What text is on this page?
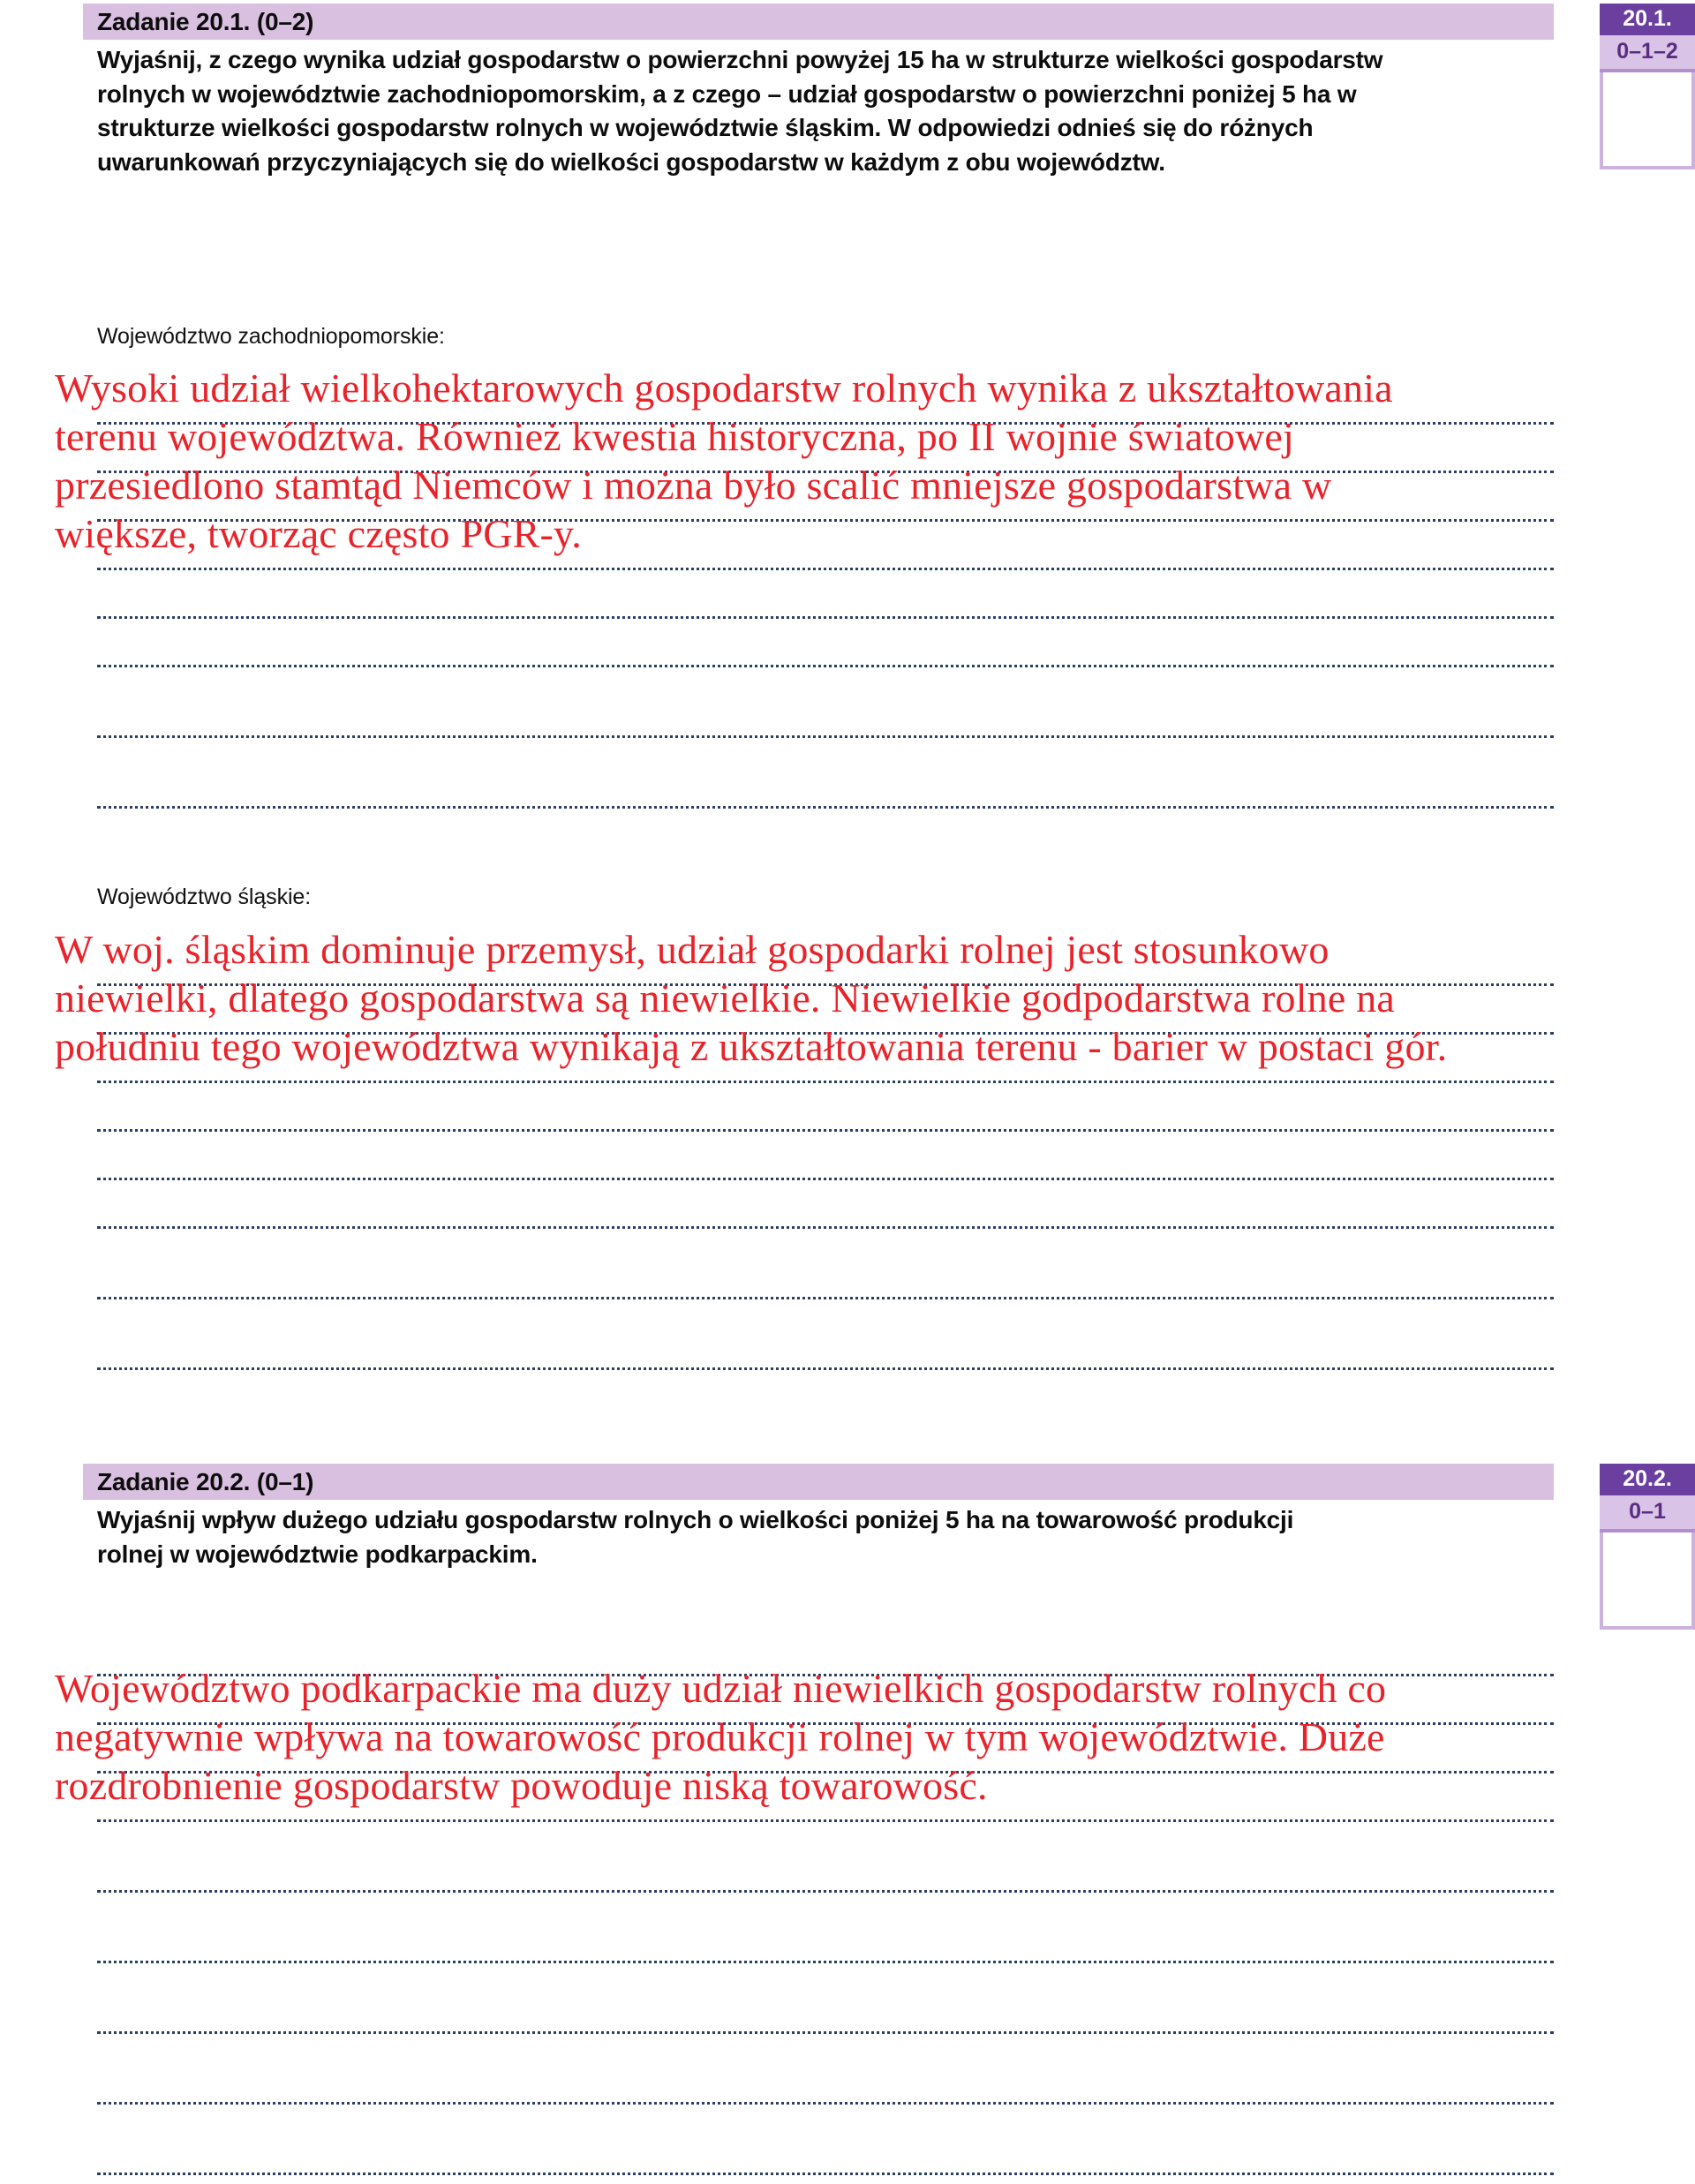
Zadanie 20.1. (0–2)
Wyjaśnij, z czego wynika udział gospodarstw o powierzchni powyżej 15 ha w strukturze wielkości gospodarstw rolnych w województwie zachodniopomorskim, a z czego – udział gospodarstw o powierzchni poniżej 5 ha w strukturze wielkości gospodarstw rolnych w województwie śląskim. W odpowiedzi odnieś się do różnych uwarunkowań przyczyniających się do wielkości gospodarstw w każdym z obu województw.
20.1.
0–1–2
Województwo zachodniopomorskie:
Wysoki udział wielkohektarowych gospodarstw rolnych wynika z ukształtowania terenu województwa. Również kwestia historyczna, po II wojnie światowej przesiedlono stamtąd Niemców i można było scalić mniejsze gospodarstwa w większe, tworząc często PGR-y.
Województwo śląskie:
W woj. śląskim dominuje przemysł, udział gospodarki rolnej jest stosunkowo niewielki, dlatego gospodarstwa są niewielkie. Niewielkie godpodarstwa rolne na południu tego województwa wynikają z ukształtowania terenu - barier w postaci gór.
Zadanie 20.2. (0–1)
Wyjaśnij wpływ dużego udziału gospodarstw rolnych o wielkości poniżej 5 ha na towarowość produkcji rolnej w województwie podkarpackim.
20.2.
0–1
Województwo podkarpackie ma duży udział niewielkich gospodarstw rolnych co negatywnie wpływa na towarowość produkcji rolnej w tym województwie. Duże rozdrobnienie gospodarstw powoduje niską towarowość.
